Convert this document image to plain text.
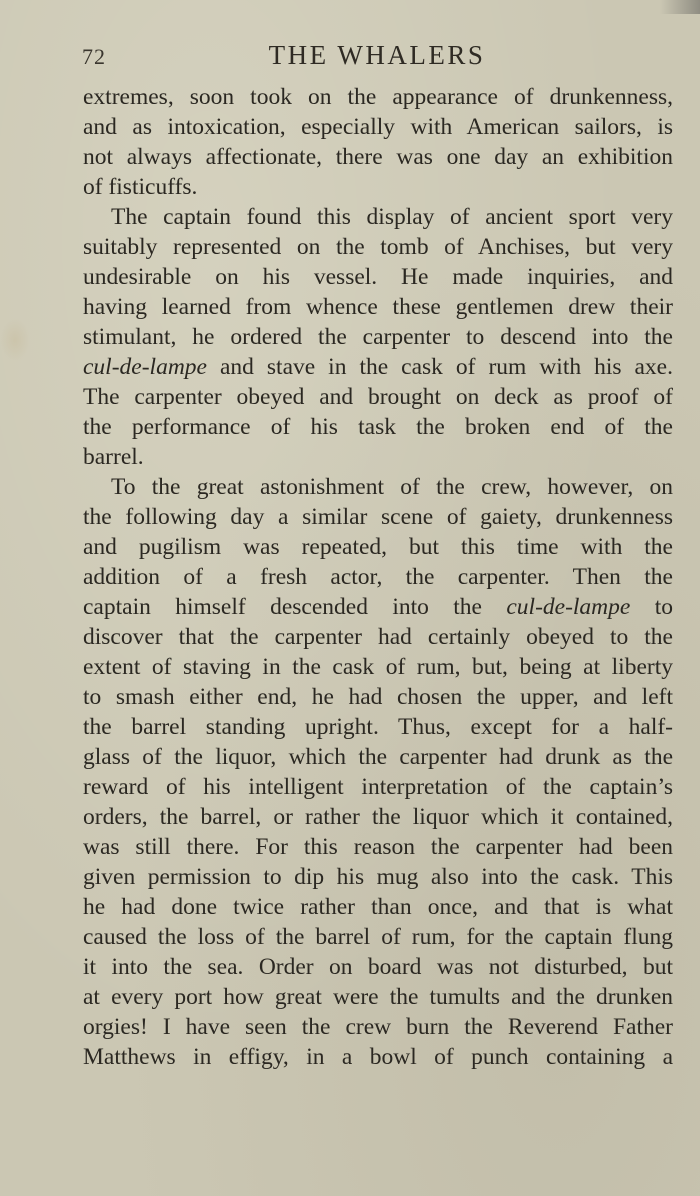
72	THE WHALERS
extremes, soon took on the appearance of drunkenness,
and as intoxication, especially with American sailors, is
not always affectionate, there was one day an exhibition
of fisticuffs.
The captain found this display of ancient sport very
suitably represented on the tomb of Anchises, but very
undesirable on his vessel. He made inquiries, and
having learned from whence these gentlemen drew their
stimulant, he ordered the carpenter to descend into the
cul-de-lampe and stave in the cask of rum with his axe.
The carpenter obeyed and brought on deck as proof of
the performance of his task the broken end of the
barrel.
To the great astonishment of the crew, however, on
the following day a similar scene of gaiety, drunkenness
and pugilism was repeated, but this time with the
addition of a fresh actor, the carpenter. Then the
captain himself descended into the cul-de-lampe to
discover that the carpenter had certainly obeyed to the
extent of staving in the cask of rum, but, being at liberty
to smash either end, he had chosen the upper, and left
the barrel standing upright. Thus, except for a half-
glass of the liquor, which the carpenter had drunk as the
reward of his intelligent interpretation of the captain’s
orders, the barrel, or rather the liquor which it contained,
was still there. For this reason the carpenter had been
given permission to dip his mug also into the cask. This
he had done twice rather than once, and that is what
caused the loss of the barrel of rum, for the captain flung
it into the sea. Order on board was not disturbed, but
at every port how great were the tumults and the drunken
orgies! I have seen the crew burn the Reverend Father
Matthews in effigy, in a bowl of punch containing a
